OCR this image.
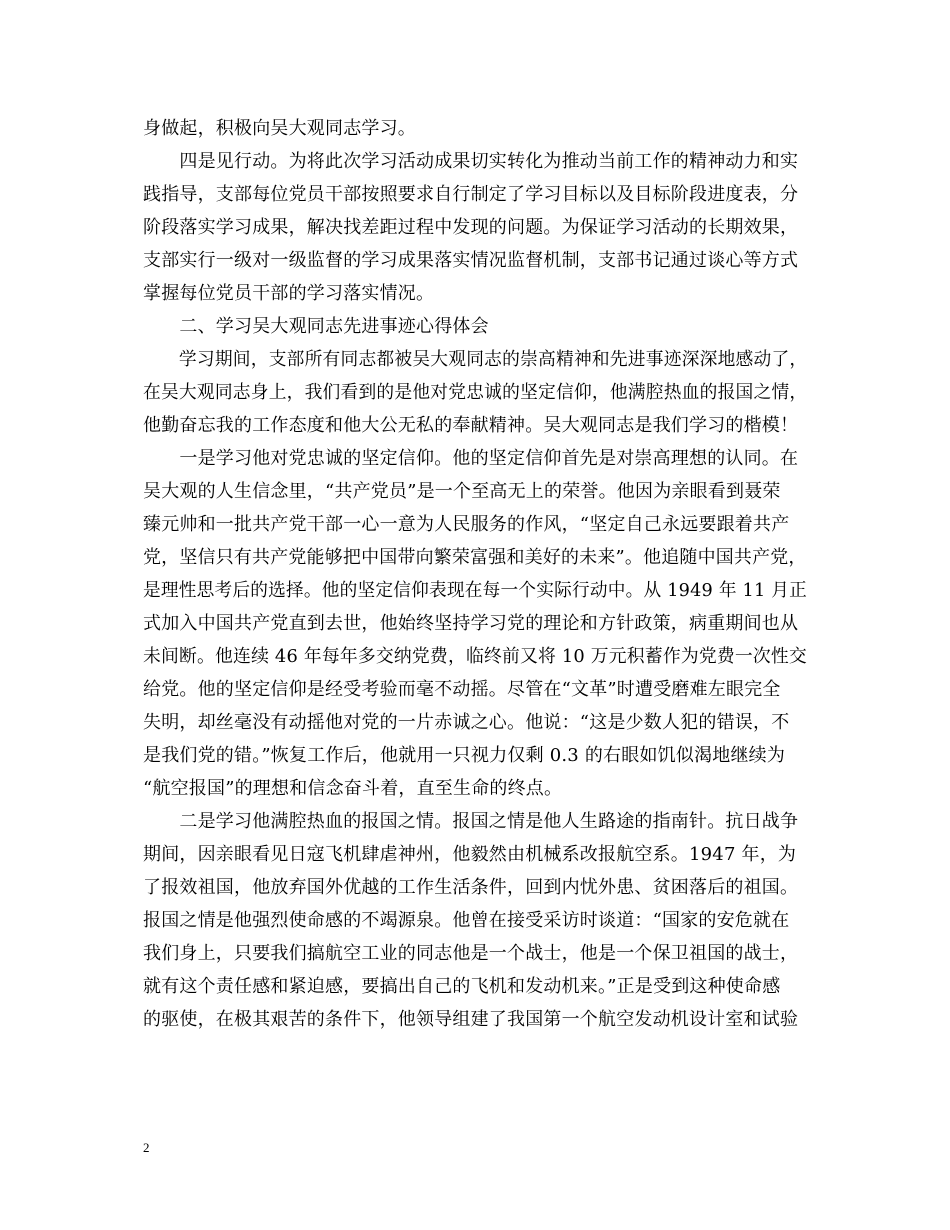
身做起，积极向吴大观同志学习。
　　四是见行动。为将此次学习活动成果切实转化为推动当前工作的精神动力和实
践指导，支部每位党员干部按照要求自行制定了学习目标以及目标阶段进度表，分
阶段落实学习成果，解决找差距过程中发现的问题。为保证学习活动的长期效果，
支部实行一级对一级监督的学习成果落实情况监督机制，支部书记通过谈心等方式
掌握每位党员干部的学习落实情况。
　　二、学习吴大观同志先进事迹心得体会
　　学习期间，支部所有同志都被吴大观同志的崇高精神和先进事迹深深地感动了，
在吴大观同志身上，我们看到的是他对党忠诚的坚定信仰，他满腔热血的报国之情，
他勤奋忘我的工作态度和他大公无私的奉献精神。吴大观同志是我们学习的楷模！
　　一是学习他对党忠诚的坚定信仰。他的坚定信仰首先是对崇高理想的认同。在
吴大观的人生信念里，“共产党员”是一个至高无上的荣誉。他因为亲眼看到聂荣
臻元帅和一批共产党干部一心一意为人民服务的作风，“坚定自己永远要跟着共产
党，坚信只有共产党能够把中国带向繁荣富强和美好的未来”。他追随中国共产党，
是理性思考后的选择。他的坚定信仰表现在每一个实际行动中。从 1949 年 11 月正
式加入中国共产党直到去世，他始终坚持学习党的理论和方针政策，病重期间也从
未间断。他连续 46 年每年多交纳党费，临终前又将 10 万元积蓄作为党费一次性交
给党。他的坚定信仰是经受考验而毫不动摇。尽管在“文革”时遭受磨难左眼完全
失明，却丝毫没有动摇他对党的一片赤诚之心。他说：“这是少数人犯的错误，不
是我们党的错。”恢复工作后，他就用一只视力仅剩 0.3 的右眼如饥似渴地继续为
“航空报国”的理想和信念奋斗着，直至生命的终点。
　　二是学习他满腔热血的报国之情。报国之情是他人生路途的指南针。抗日战争
期间，因亲眼看见日寇飞机肆虐神州，他毅然由机械系改报航空系。1947 年，为
了报效祖国，他放弃国外优越的工作生活条件，回到内忧外患、贫困落后的祖国。
报国之情是他强烈使命感的不竭源泉。他曾在接受采访时谈道：“国家的安危就在
我们身上，只要我们搞航空工业的同志他是一个战士，他是一个保卫祖国的战士，
就有这个责任感和紧迫感，要搞出自己的飞机和发动机来。”正是受到这种使命感
的驱使，在极其艰苦的条件下，他领导组建了我国第一个航空发动机设计室和试验
2
